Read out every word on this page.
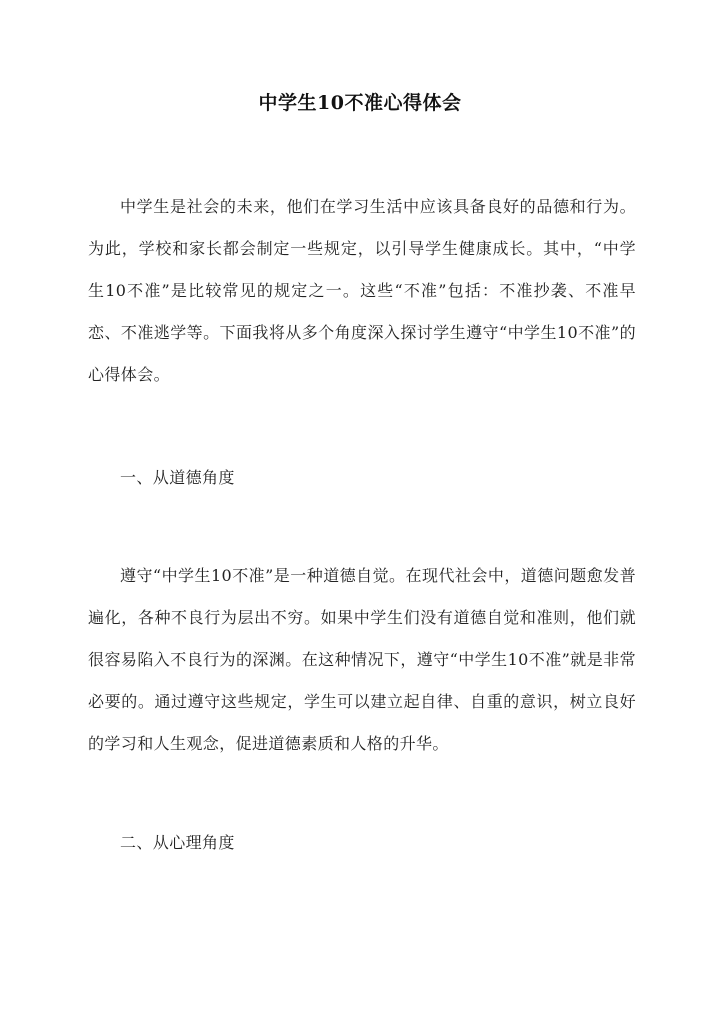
中学生10不准心得体会
中学生是社会的未来，他们在学习生活中应该具备良好的品德和行为。为此，学校和家长都会制定一些规定，以引导学生健康成长。其中，“中学生10不准”是比较常见的规定之一。这些“不准”包括：不准抄袭、不准早恋、不准逃学等。下面我将从多个角度深入探讨学生遵守“中学生10不准”的心得体会。
一、从道德角度
遵守“中学生10不准”是一种道德自觉。在现代社会中，道德问题愈发普遍化，各种不良行为层出不穷。如果中学生们没有道德自觉和准则，他们就很容易陷入不良行为的深渊。在这种情况下，遵守“中学生10不准”就是非常必要的。通过遵守这些规定，学生可以建立起自律、自重的意识，树立良好的学习和人生观念，促进道德素质和人格的升华。
二、从心理角度
